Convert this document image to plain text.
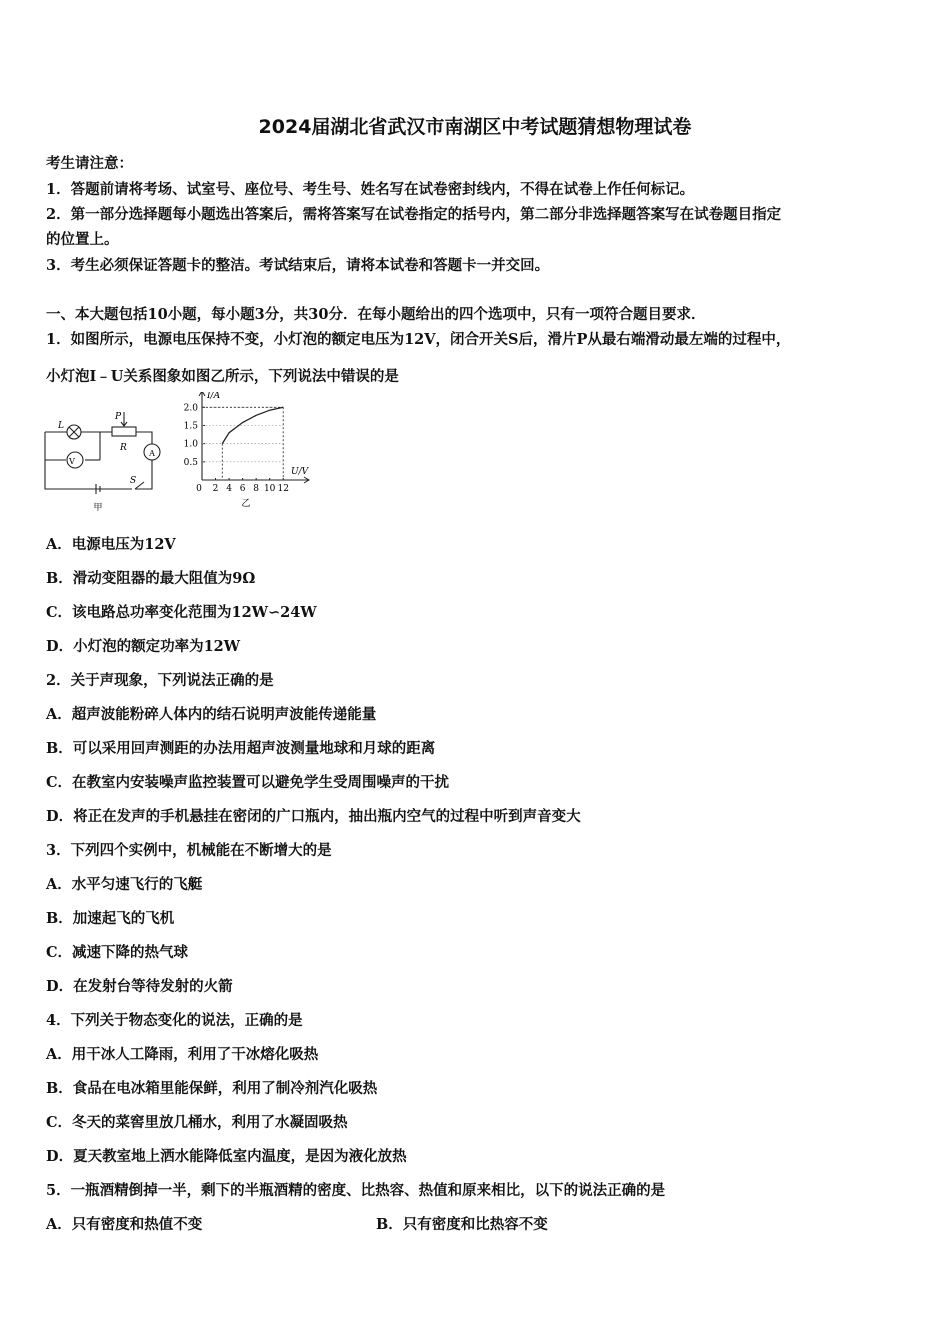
2024届湖北省武汉市南湖区中考试题猜想物理试卷
考生请注意：
1．答题前请将考场、试室号、座位号、考生号、姓名写在试卷密封线内，不得在试卷上作任何标记。
2．第一部分选择题每小题选出答案后，需将答案写在试卷指定的括号内，第二部分非选择题答案写在试卷题目指定
的位置上。
3．考生必须保证答题卡的整洁。考试结束后，请将本试卷和答题卡一并交回。
一、本大题包括10小题，每小题3分，共30分．在每小题给出的四个选项中，只有一项符合题目要求．
1．如图所示，电源电压保持不变，小灯泡的额定电压为12V，闭合开关S后，滑片P从最右端滑动最左端的过程中，
小灯泡I﹣U关系图象如图乙所示，下列说法中错误的是
L
P
R
V
A
S
甲
0 2 4 6 8 10 12
0.5
1.0
1.5
2.0
I/A
U/V
乙
A．电源电压为12V
B．滑动变阻器的最大阻值为9Ω
C．该电路总功率变化范围为12W∽24W
D．小灯泡的额定功率为12W
2．关于声现象，下列说法正确的是
A．超声波能粉碎人体内的结石说明声波能传递能量
B．可以采用回声测距的办法用超声波测量地球和月球的距离
C．在教室内安装噪声监控装置可以避免学生受周围噪声的干扰
D．将正在发声的手机悬挂在密闭的广口瓶内，抽出瓶内空气的过程中听到声音变大
3．下列四个实例中，机械能在不断增大的是
A．水平匀速飞行的飞艇
B．加速起飞的飞机
C．减速下降的热气球
D．在发射台等待发射的火箭
4．下列关于物态变化的说法，正确的是
A．用干冰人工降雨，利用了干冰熔化吸热
B．食品在电冰箱里能保鲜，利用了制冷剂汽化吸热
C．冬天的菜窖里放几桶水，利用了水凝固吸热
D．夏天教室地上洒水能降低室内温度，是因为液化放热
5．一瓶酒精倒掉一半，剩下的半瓶酒精的密度、比热容、热值和原来相比，以下的说法正确的是
A．只有密度和热值不变	B．只有密度和比热容不变
